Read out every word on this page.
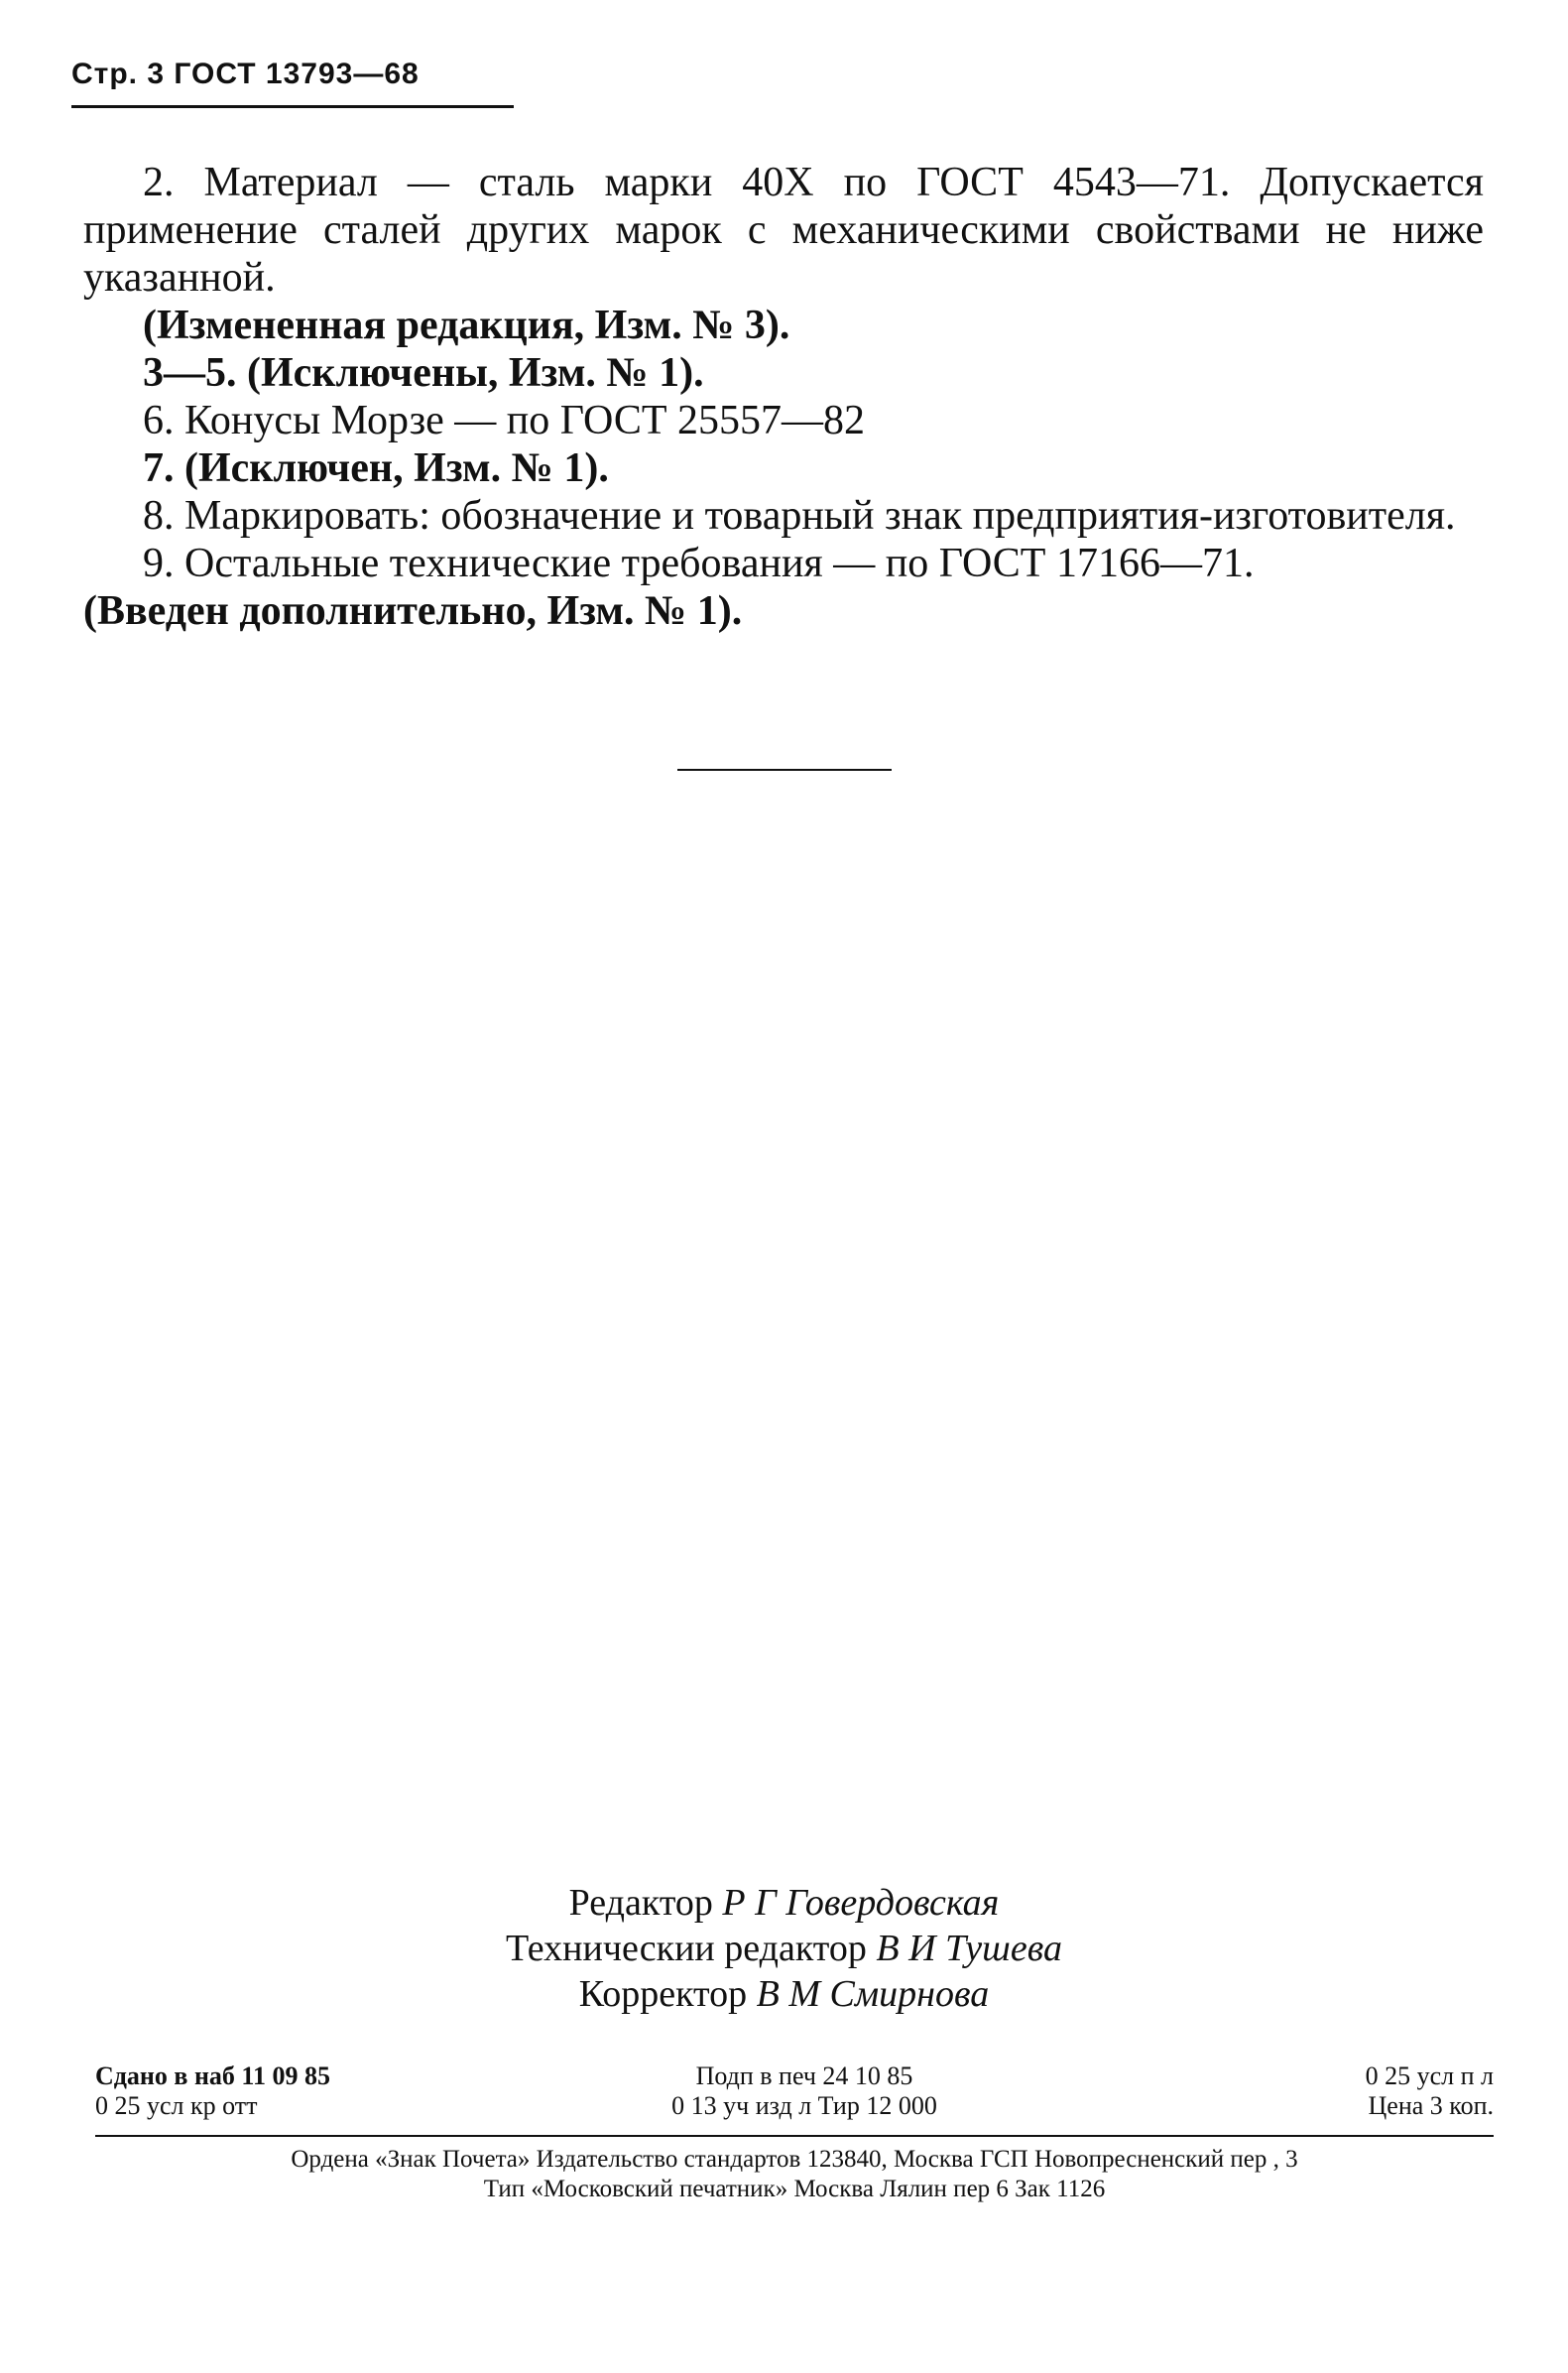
Стр. 3 ГОСТ 13793—68

2. Материал — сталь марки 40Х по ГОСТ 4543—71. Допускается применение сталей других марок с механическими свойствами не ниже указанной.

(Измененная редакция, Изм. № 3).

3—5. (Исключены, Изм. № 1).

6. Конусы Морзе — по ГОСТ 25557—82

7. (Исключен, Изм. № 1).

8. Маркировать: обозначение и товарный знак предприятия-изготовителя.

9. Остальные технические требования — по ГОСТ 17166—71.

(Введен дополнительно, Изм. № 1).

Редактор Р Г Говердовская
Техническии редактор В И Тушева
Корректор В М Смирнова
Сдано в наб 11 09 85	Подп в печ 24 10 85	0 25 усл п л
0 25 усл кр отт	0 13 уч изд л Тир 12 000	Цена 3 коп.
Ордена «Знак Почета» Издательство стандартов 123840, Москва ГСП Новопресненский пер , 3
Тип «Московский печатник» Москва Лялин пер 6 Зак 1126
